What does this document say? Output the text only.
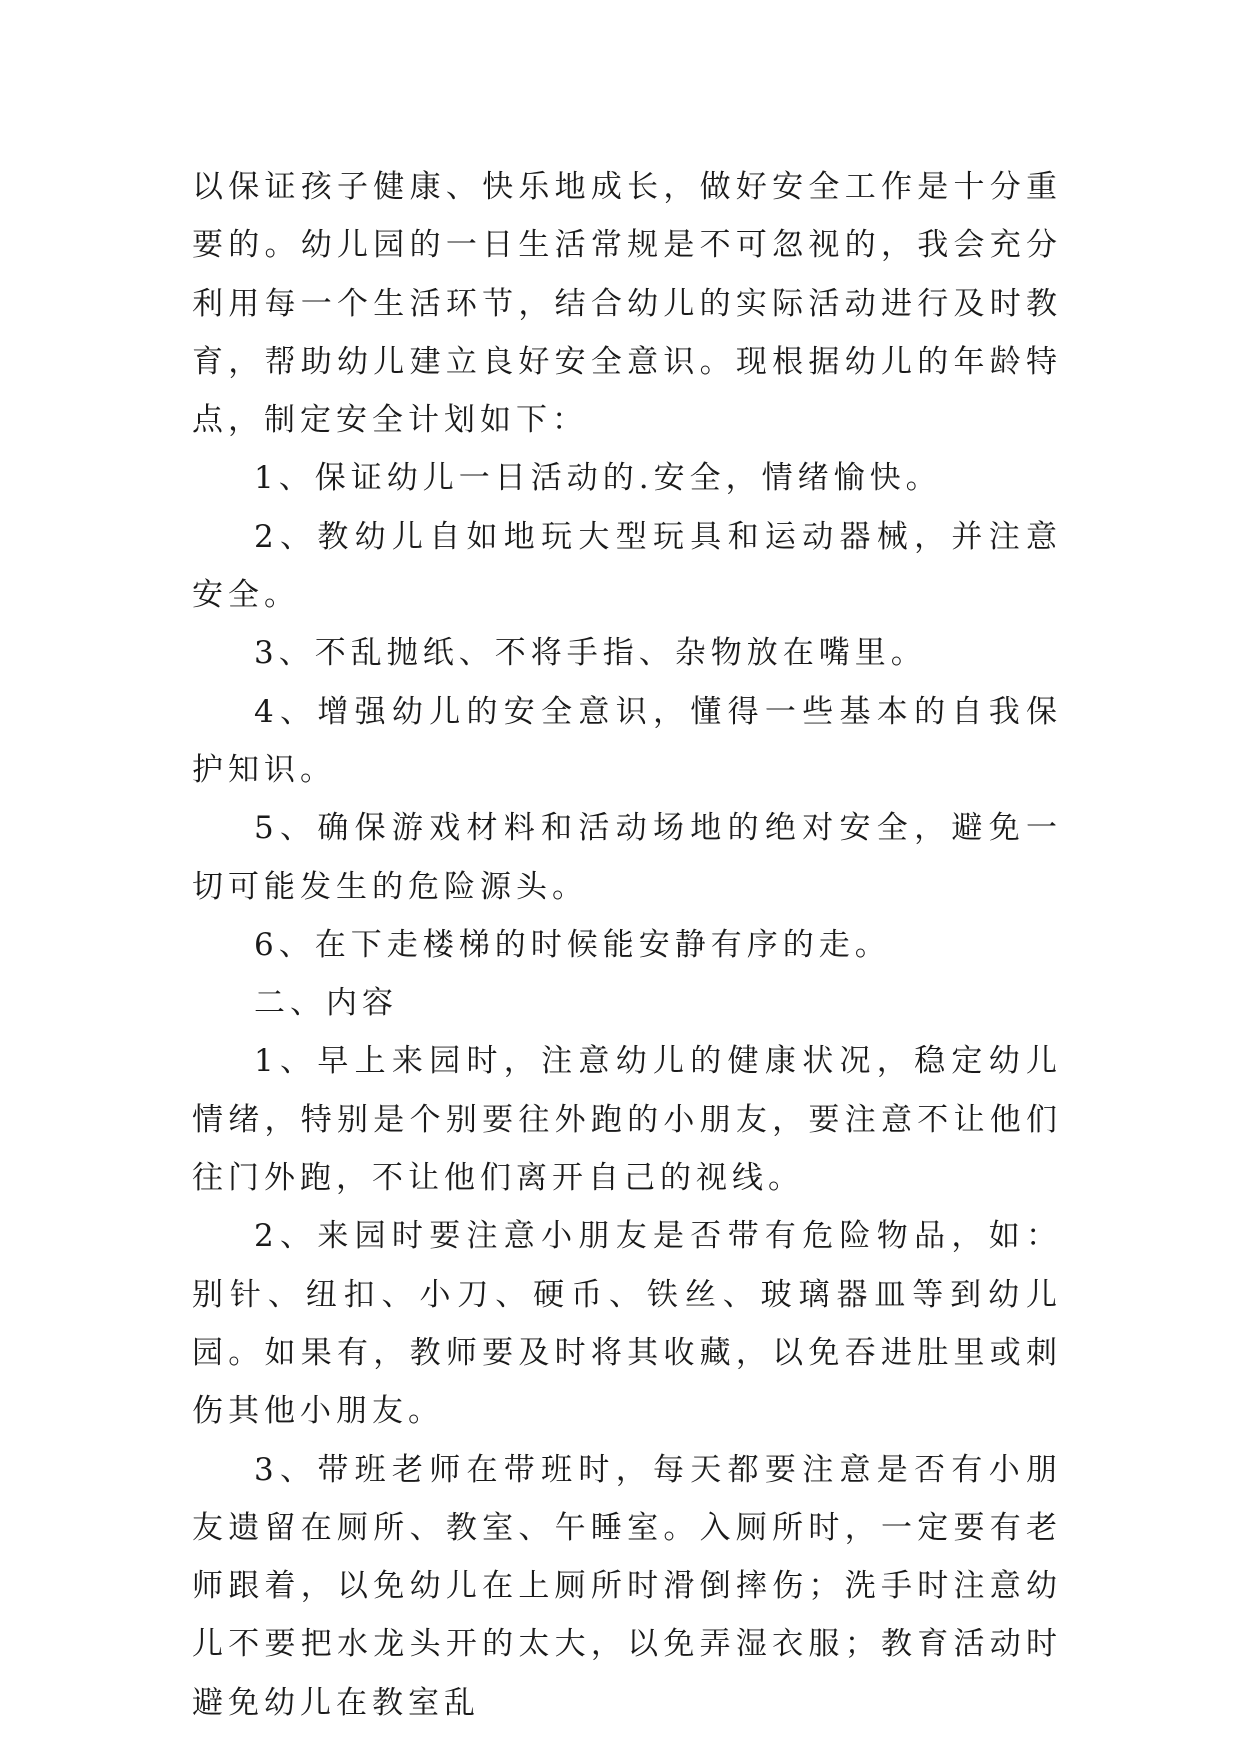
以保证孩子健康、快乐地成长，做好安全工作是十分重要的。幼儿园的一日生活常规是不可忽视的，我会充分利用每一个生活环节，结合幼儿的实际活动进行及时教育，帮助幼儿建立良好安全意识。现根据幼儿的年龄特点，制定安全计划如下：

1、保证幼儿一日活动的.安全，情绪愉快。

2、教幼儿自如地玩大型玩具和运动器械，并注意安全。

3、不乱抛纸、不将手指、杂物放在嘴里。

4、增强幼儿的安全意识，懂得一些基本的自我保护知识。

5、确保游戏材料和活动场地的绝对安全，避免一切可能发生的危险源头。

6、在下走楼梯的时候能安静有序的走。

二、内容

1、早上来园时，注意幼儿的健康状况，稳定幼儿情绪，特别是个别要往外跑的小朋友，要注意不让他们往门外跑，不让他们离开自己的视线。

2、来园时要注意小朋友是否带有危险物品，如：别针、纽扣、小刀、硬币、铁丝、玻璃器皿等到幼儿园。如果有，教师要及时将其收藏，以免吞进肚里或刺伤其他小朋友。

3、带班老师在带班时，每天都要注意是否有小朋友遗留在厕所、教室、午睡室。入厕所时，一定要有老师跟着，以免幼儿在上厕所时滑倒摔伤；洗手时注意幼儿不要把水龙头开的太大，以免弄湿衣服；教育活动时避免幼儿在教室乱
